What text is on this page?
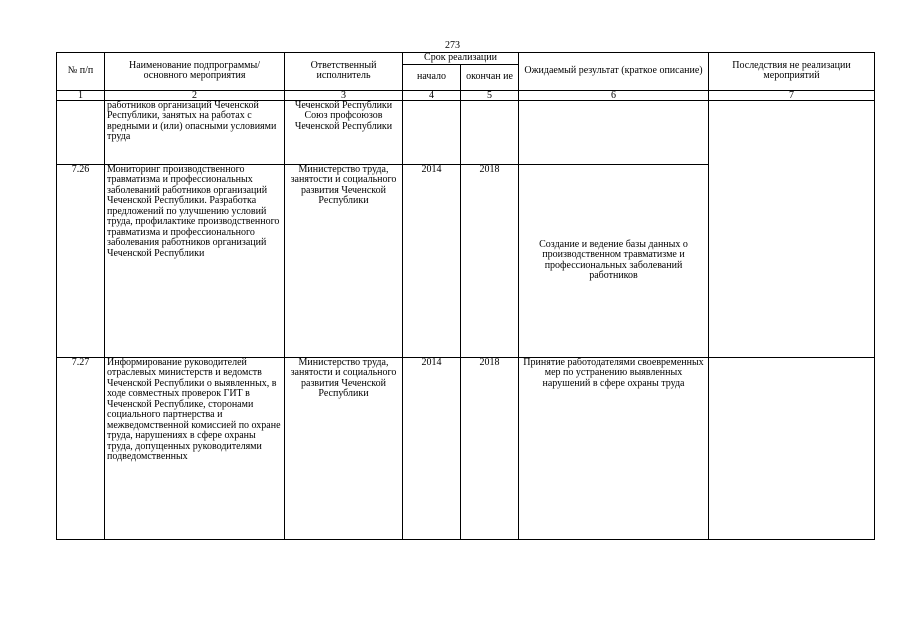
273
№ п/п	Наименование подпрограммы/ основного мероприятия	Ответственный исполнитель	Срок реализации		Ожидаемый результат (краткое описание)	Последствия не реализации мероприятий
			начало	окончан ие		
1	2	3	4	5	6	7
	работников организаций Чеченской Республики, занятых на работах с вредными и (или) опасными условиями труда	Чеченской Республики Союз профсоюзов Чеченской Республики				
7.26	Мониторинг производственного травматизма и профессиональных заболеваний работников организаций Чеченской Республики. Разработка предложений по улучшению условий труда, профилактике производственного травматизма и профессионального заболевания работников организаций Чеченской Республики	Министерство труда, занятости и социального развития Чеченской Республики	2014	2018	Создание и ведение базы данных о производственном травматизме и профессиональных заболеваний работников	
7.27	Информирование руководителей отраслевых министерств и ведомств Чеченской Республики о выявленных, в ходе совместных проверок ГИТ в Чеченской Республике, сторонами социального партнерства и межведомственной комиссией по охране труда, нарушениях в сфере охраны труда, допущенных руководителями подведомственных	Министерство труда, занятости и социального развития Чеченской Республики	2014	2018	Принятие работодателями своевременных мер по устранению выявленных нарушений в сфере охраны труда	
